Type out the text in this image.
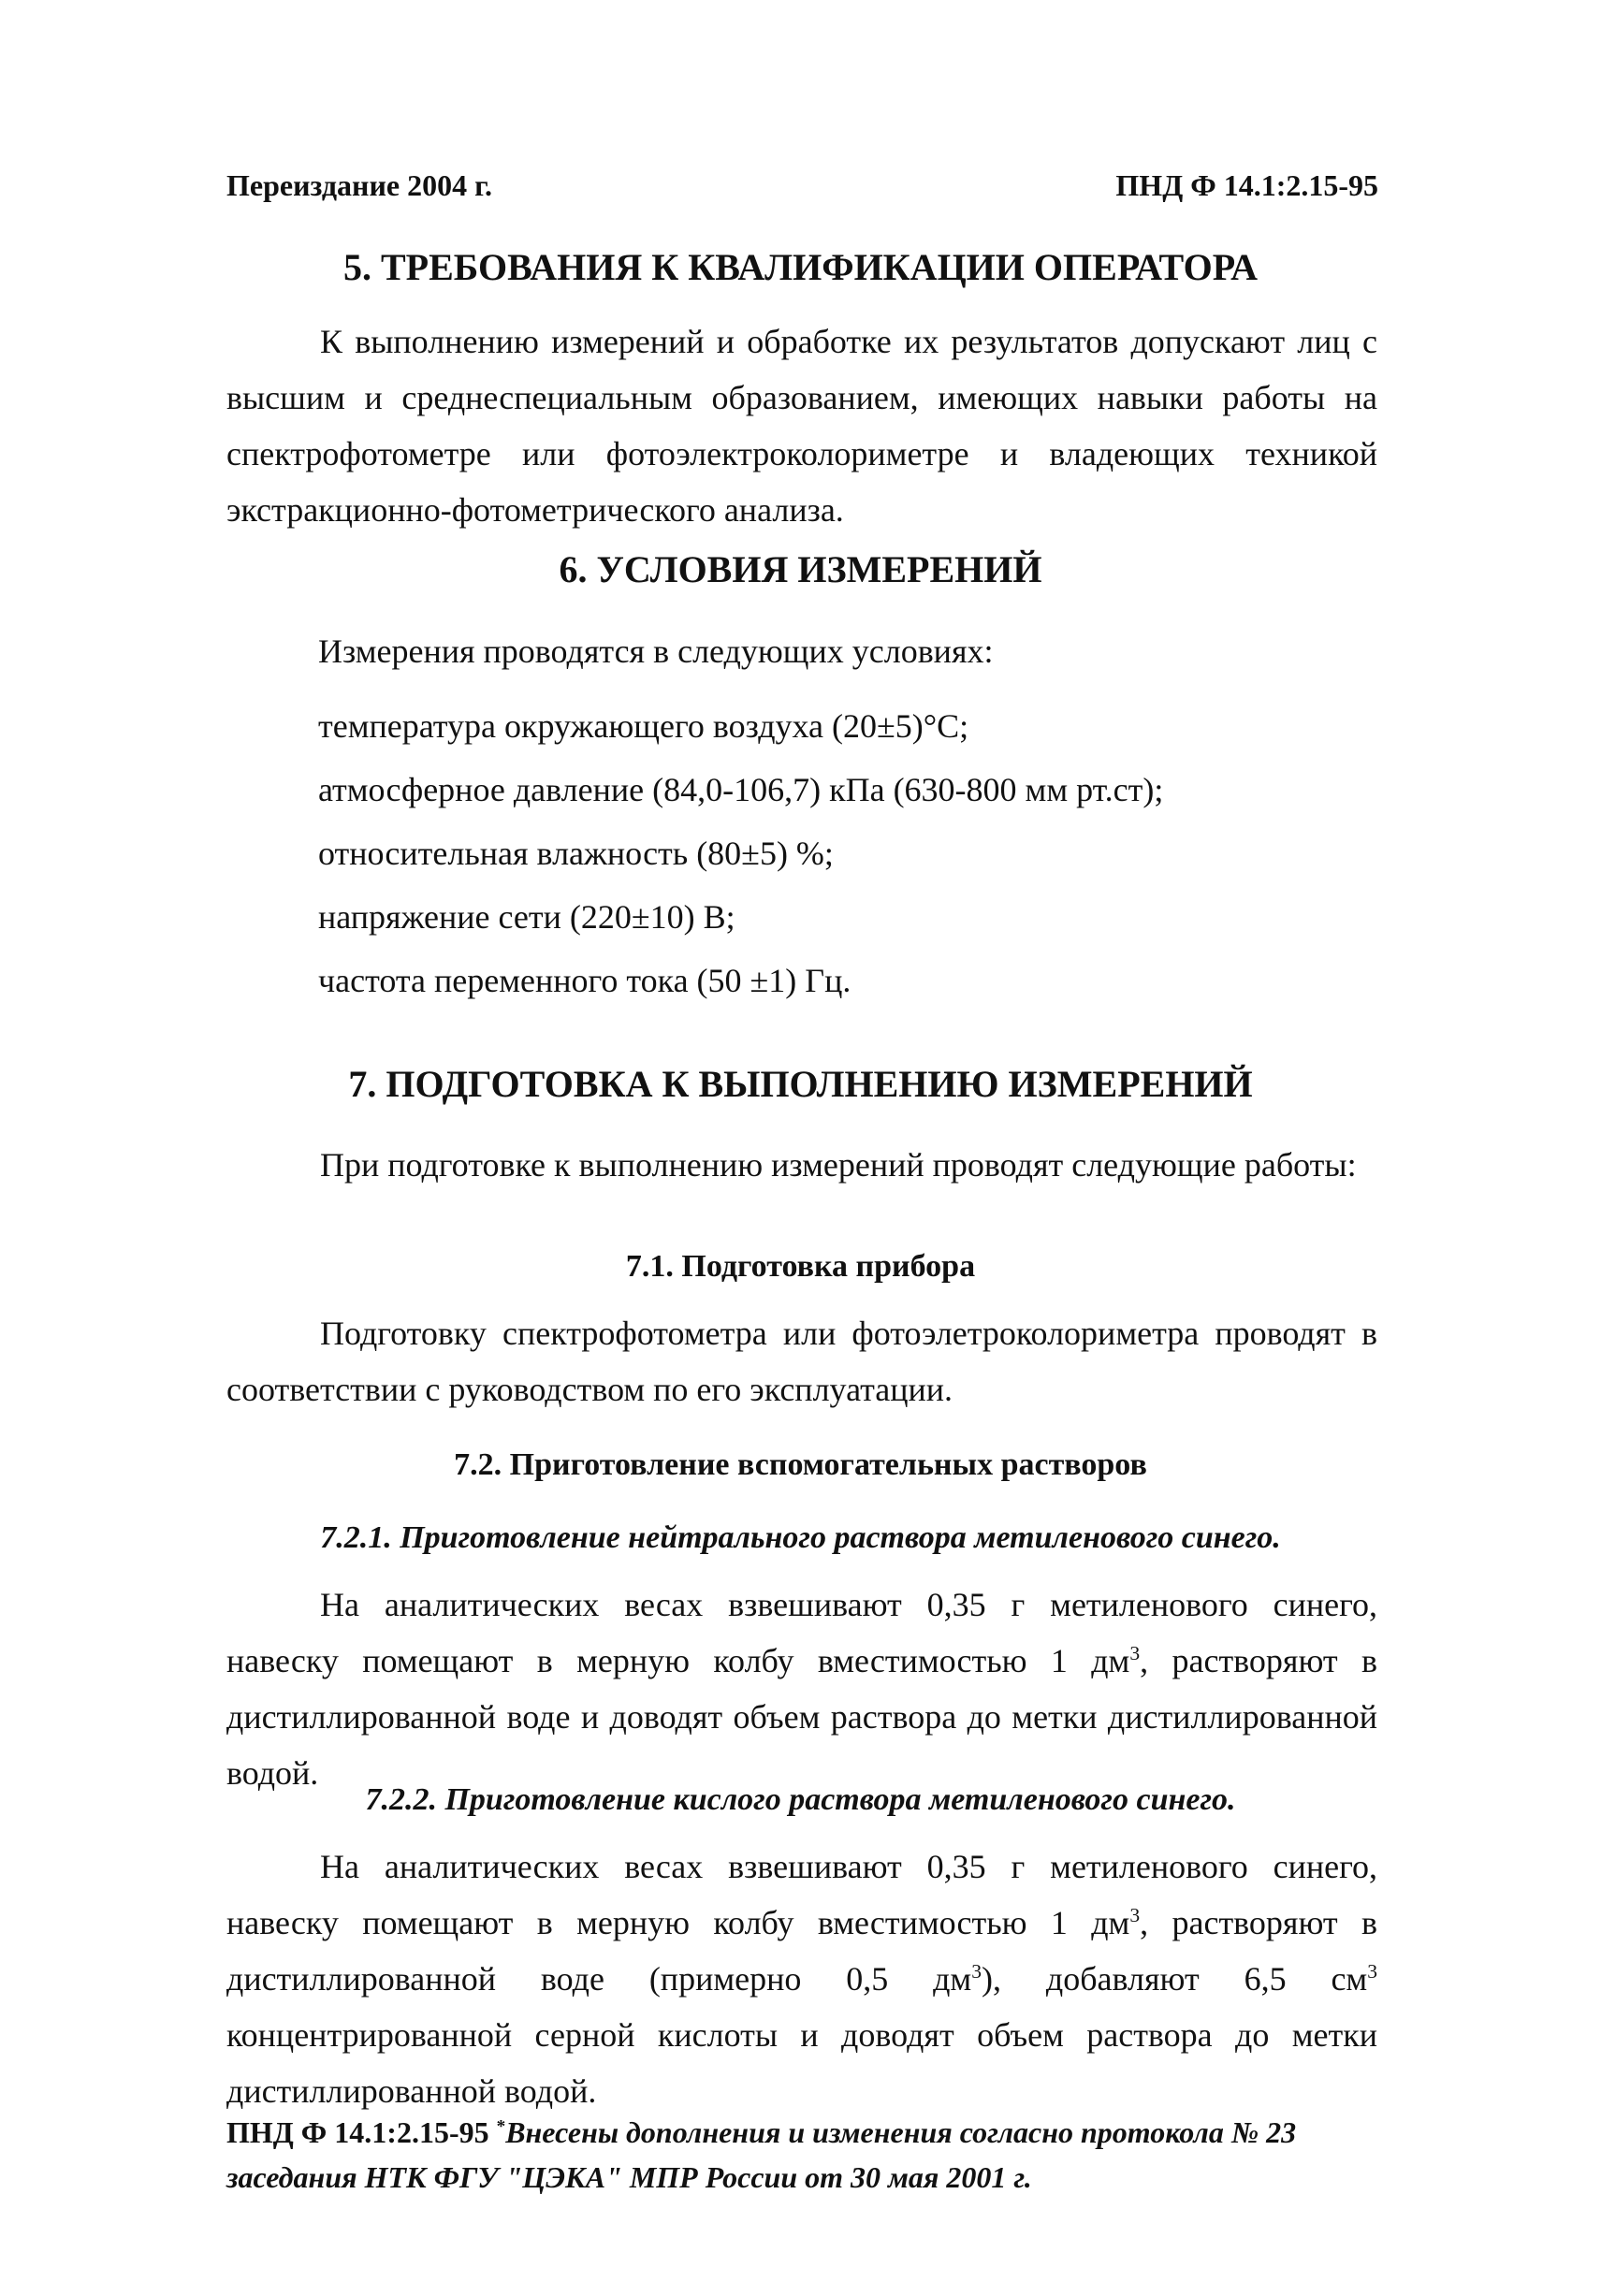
Переиздание 2004 г.	ПНД Ф 14.1:2.15-95
5. ТРЕБОВАНИЯ К КВАЛИФИКАЦИИ ОПЕРАТОРА
К выполнению измерений и обработке их результатов допускают лиц с высшим и среднеспециальным образованием, имеющих навыки работы на спектрофотометре или фотоэлектроколориметре и владеющих техникой экстракционно-фотометрического анализа.
6. УСЛОВИЯ ИЗМЕРЕНИЙ
Измерения проводятся в следующих условиях:
температура окружающего воздуха (20±5)°С;
атмосферное давление (84,0-106,7) кПа (630-800 мм рт.ст);
относительная влажность (80±5) %;
напряжение сети (220±10) В;
частота переменного тока (50 ±1) Гц.
7. ПОДГОТОВКА К ВЫПОЛНЕНИЮ ИЗМЕРЕНИЙ
При подготовке к выполнению измерений проводят следующие работы:
7.1. Подготовка прибора
Подготовку спектрофотометра или фотоэлетроколориметра проводят в соответствии с руководством по его эксплуатации.
7.2. Приготовление вспомогательных растворов
7.2.1. Приготовление нейтрального раствора метиленового синего.
На аналитических весах взвешивают 0,35 г метиленового синего, навеску помещают в мерную колбу вместимостью 1 $дм^3$, растворяют в дистиллированной воде и доводят объем раствора до метки дистиллированной водой.
7.2.2. Приготовление кислого раствора метиленового синего.
На аналитических весах взвешивают 0,35 г метиленового синего, навеску помещают в мерную колбу вместимостью 1 $дм^3$, растворяют в дистиллированной воде (примерно 0,5 $дм^3$), добавляют 6,5 $см^3$ концентрированной серной кислоты и доводят объем раствора до метки дистиллированной водой.
ПНД Ф 14.1:2.15-95 *Внесены дополнения и изменения согласно протокола № 23 заседания НТК ФГУ "ЦЭКА" МПР России от 30 мая 2001 г.
